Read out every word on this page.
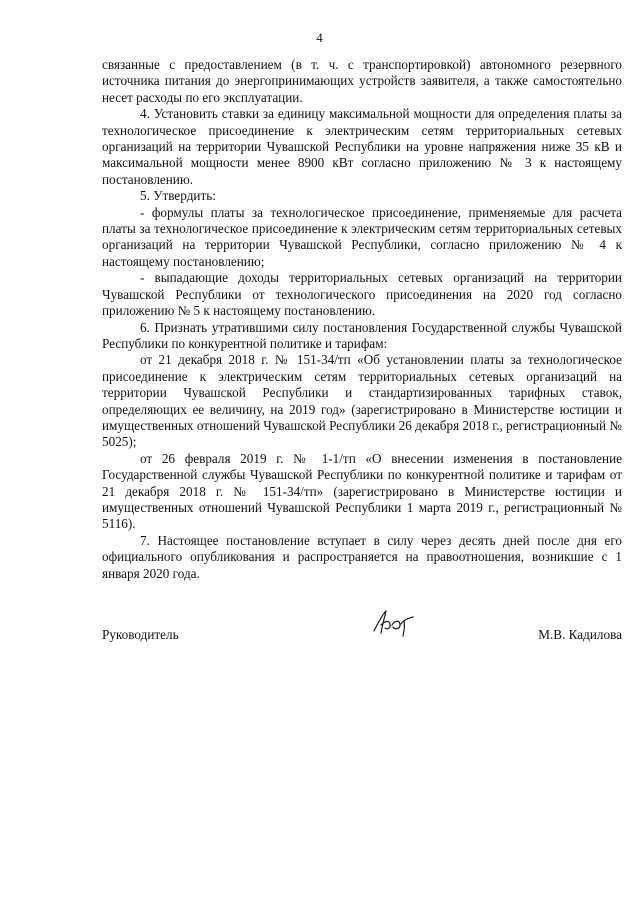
4

связанные с предоставлением (в т. ч. с транспортировкой) автономного резервного источника питания до энергопринимающих устройств заявителя, а также самостоятельно несет расходы по его эксплуатации.

4. Установить ставки за единицу максимальной мощности для определения платы за технологическое присоединение к электрическим сетям территориальных сетевых организаций на территории Чувашской Республики на уровне напряжения ниже 35 кВ и максимальной мощности менее 8900 кВт согласно приложению № 3 к настоящему постановлению.

5. Утвердить:

- формулы платы за технологическое присоединение, применяемые для расчета платы за технологическое присоединение к электрическим сетям территориальных сетевых организаций на территории Чувашской Республики, согласно приложению № 4 к настоящему постановлению;

- выпадающие доходы территориальных сетевых организаций на территории Чувашской Республики от технологического присоединения на 2020 год согласно приложению № 5 к настоящему постановлению.

6. Признать утратившими силу постановления Государственной службы Чувашской Республики по конкурентной политике и тарифам:

от 21 декабря 2018 г. № 151-34/тп «Об установлении платы за технологическое присоединение к электрическим сетям территориальных сетевых организаций на территории Чувашской Республики и стандартизированных тарифных ставок, определяющих ее величину, на 2019 год» (зарегистрировано в Министерстве юстиции и имущественных отношений Чувашской Республики 26 декабря 2018 г., регистрационный № 5025);

от 26 февраля 2019 г. № 1-1/тп «О внесении изменения в постановление Государственной службы Чувашской Республики по конкурентной политике и тарифам от 21 декабря 2018 г. № 151-34/тп» (зарегистрировано в Министерстве юстиции и имущественных отношений Чувашской Республики 1 марта 2019 г., регистрационный № 5116).

7. Настоящее постановление вступает в силу через десять дней после дня его официального опубликования и распространяется на правоотношения, возникшие с 1 января 2020 года.

Руководитель	М.В. Кадилова
